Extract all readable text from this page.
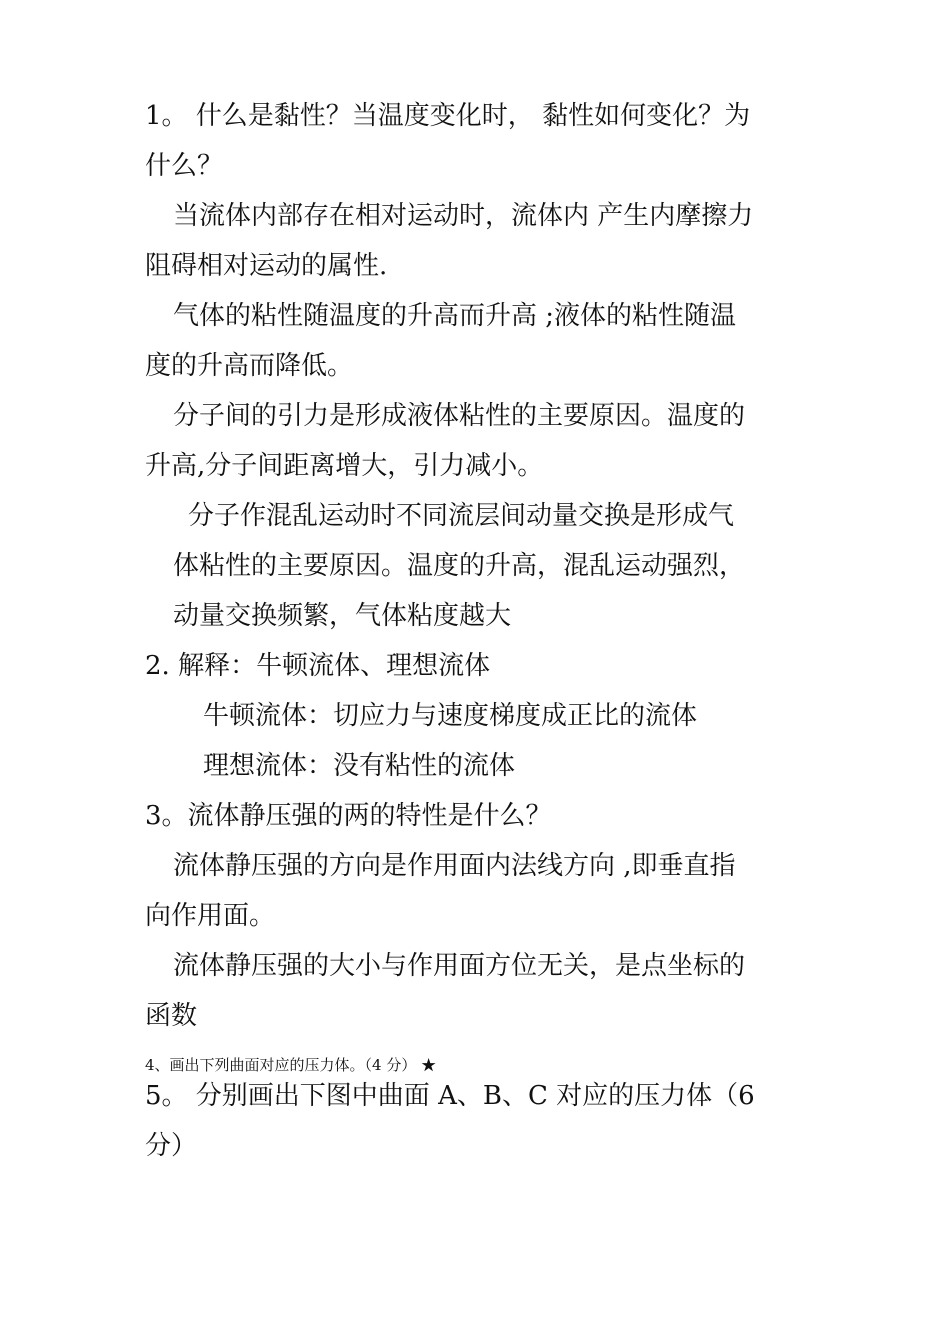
1。 什么是黏性？当温度变化时， 黏性如何变化？为
什么？
当流体内部存在相对运动时，流体内 产生内摩擦力
阻碍相对运动的属性.
气体的粘性随温度的升高而升高 ;液体的粘性随温
度的升高而降低。
分子间的引力是形成液体粘性的主要原因。温度的
升高,分子间距离增大，引力减小。
分子作混乱运动时不同流层间动量交换是形成气
体粘性的主要原因。温度的升高，混乱运动强烈，
动量交换频繁，气体粘度越大
2. 解释：牛顿流体、理想流体
牛顿流体：切应力与速度梯度成正比的流体
理想流体：没有粘性的流体
3。流体静压强的两的特性是什么？
流体静压强的方向是作用面内法线方向 ,即垂直指
向作用面。
流体静压强的大小与作用面方位无关，是点坐标的
函数
4、画出下列曲面对应的压力体。（4 分） ★
5。 分别画出下图中曲面 A、B、C 对应的压力体（6
分）
